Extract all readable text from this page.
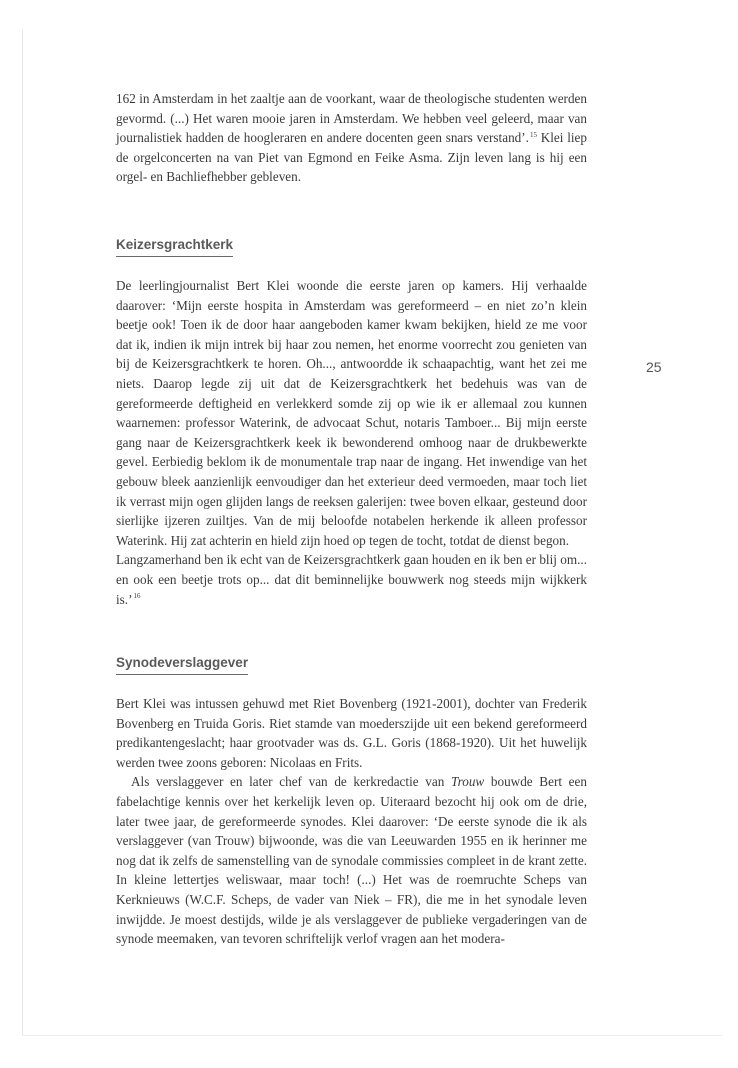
162 in Amsterdam in het zaaltje aan de voorkant, waar de theologische studenten werden gevormd. (...) Het waren mooie jaren in Amsterdam. We hebben veel geleerd, maar van journalistiek hadden de hoogleraren en andere docenten geen snars verstand’.$^{15}$ Klei liep de orgelconcerten na van Piet van Egmond en Feike Asma. Zijn leven lang is hij een orgel- en Bachliefhebber gebleven.

Keizersgrachtkerk

De leerlingjournalist Bert Klei woonde die eerste jaren op kamers. Hij verhaalde daarover: ‘Mijn eerste hospita in Amsterdam was gereformeerd – en niet zo’n klein beetje ook! Toen ik de door haar aangeboden kamer kwam bekijken, hield ze me voor dat ik, indien ik mijn intrek bij haar zou nemen, het enorme voorrecht zou genieten van bij de Keizersgrachtkerk te horen. Oh..., antwoordde ik schaapachtig, want het zei me niets. Daarop legde zij uit dat de Keizersgrachtkerk het bedehuis was van de gereformeerde deftigheid en verlekkerd somde zij op wie ik er allemaal zou kunnen waarnemen: professor Waterink, de advocaat Schut, notaris Tamboer... Bij mijn eerste gang naar de Keizersgrachtkerk keek ik bewonderend omhoog naar de drukbewerkte gevel. Eerbiedig beklom ik de monumentale trap naar de ingang. Het inwendige van het gebouw bleek aanzienlijk eenvoudiger dan het exterieur deed vermoeden, maar toch liet ik verrast mijn ogen glijden langs de reeksen galerijen: twee boven elkaar, gesteund door sierlijke ijzeren zuiltjes. Van de mij beloofde notabelen herkende ik alleen professor Waterink. Hij zat achterin en hield zijn hoed op tegen de tocht, totdat de dienst begon.

Langzamerhand ben ik echt van de Keizersgrachtkerk gaan houden en ik ben er blij om... en ook een beetje trots op... dat dit beminnelijke bouwwerk nog steeds mijn wijkkerk is.’$^{16}$

Synodeverslaggever

Bert Klei was intussen gehuwd met Riet Bovenberg (1921-2001), dochter van Frederik Bovenberg en Truida Goris. Riet stamde van moederszijde uit een bekend gereformeerd predikantengeslacht; haar grootvader was ds. G.L. Goris (1868-1920). Uit het huwelijk werden twee zoons geboren: Nicolaas en Frits.

Als verslaggever en later chef van de kerkredactie van Trouw bouwde Bert een fabelachtige kennis over het kerkelijk leven op. Uiteraard bezocht hij ook om de drie, later twee jaar, de gereformeerde synodes. Klei daarover: ‘De eerste synode die ik als verslaggever (van Trouw) bijwoonde, was die van Leeuwarden 1955 en ik herinner me nog dat ik zelfs de samenstelling van de synodale commissies compleet in de krant zette. In kleine lettertjes weliswaar, maar toch! (...) Het was de roemruchte Scheps van Kerknieuws (W.C.F. Scheps, de vader van Niek – FR), die me in het synodale leven inwijdde. Je moest destijds, wilde je als verslaggever de publieke vergaderingen van de synode meemaken, van tevoren schriftelijk verlof vragen aan het modera-

25
